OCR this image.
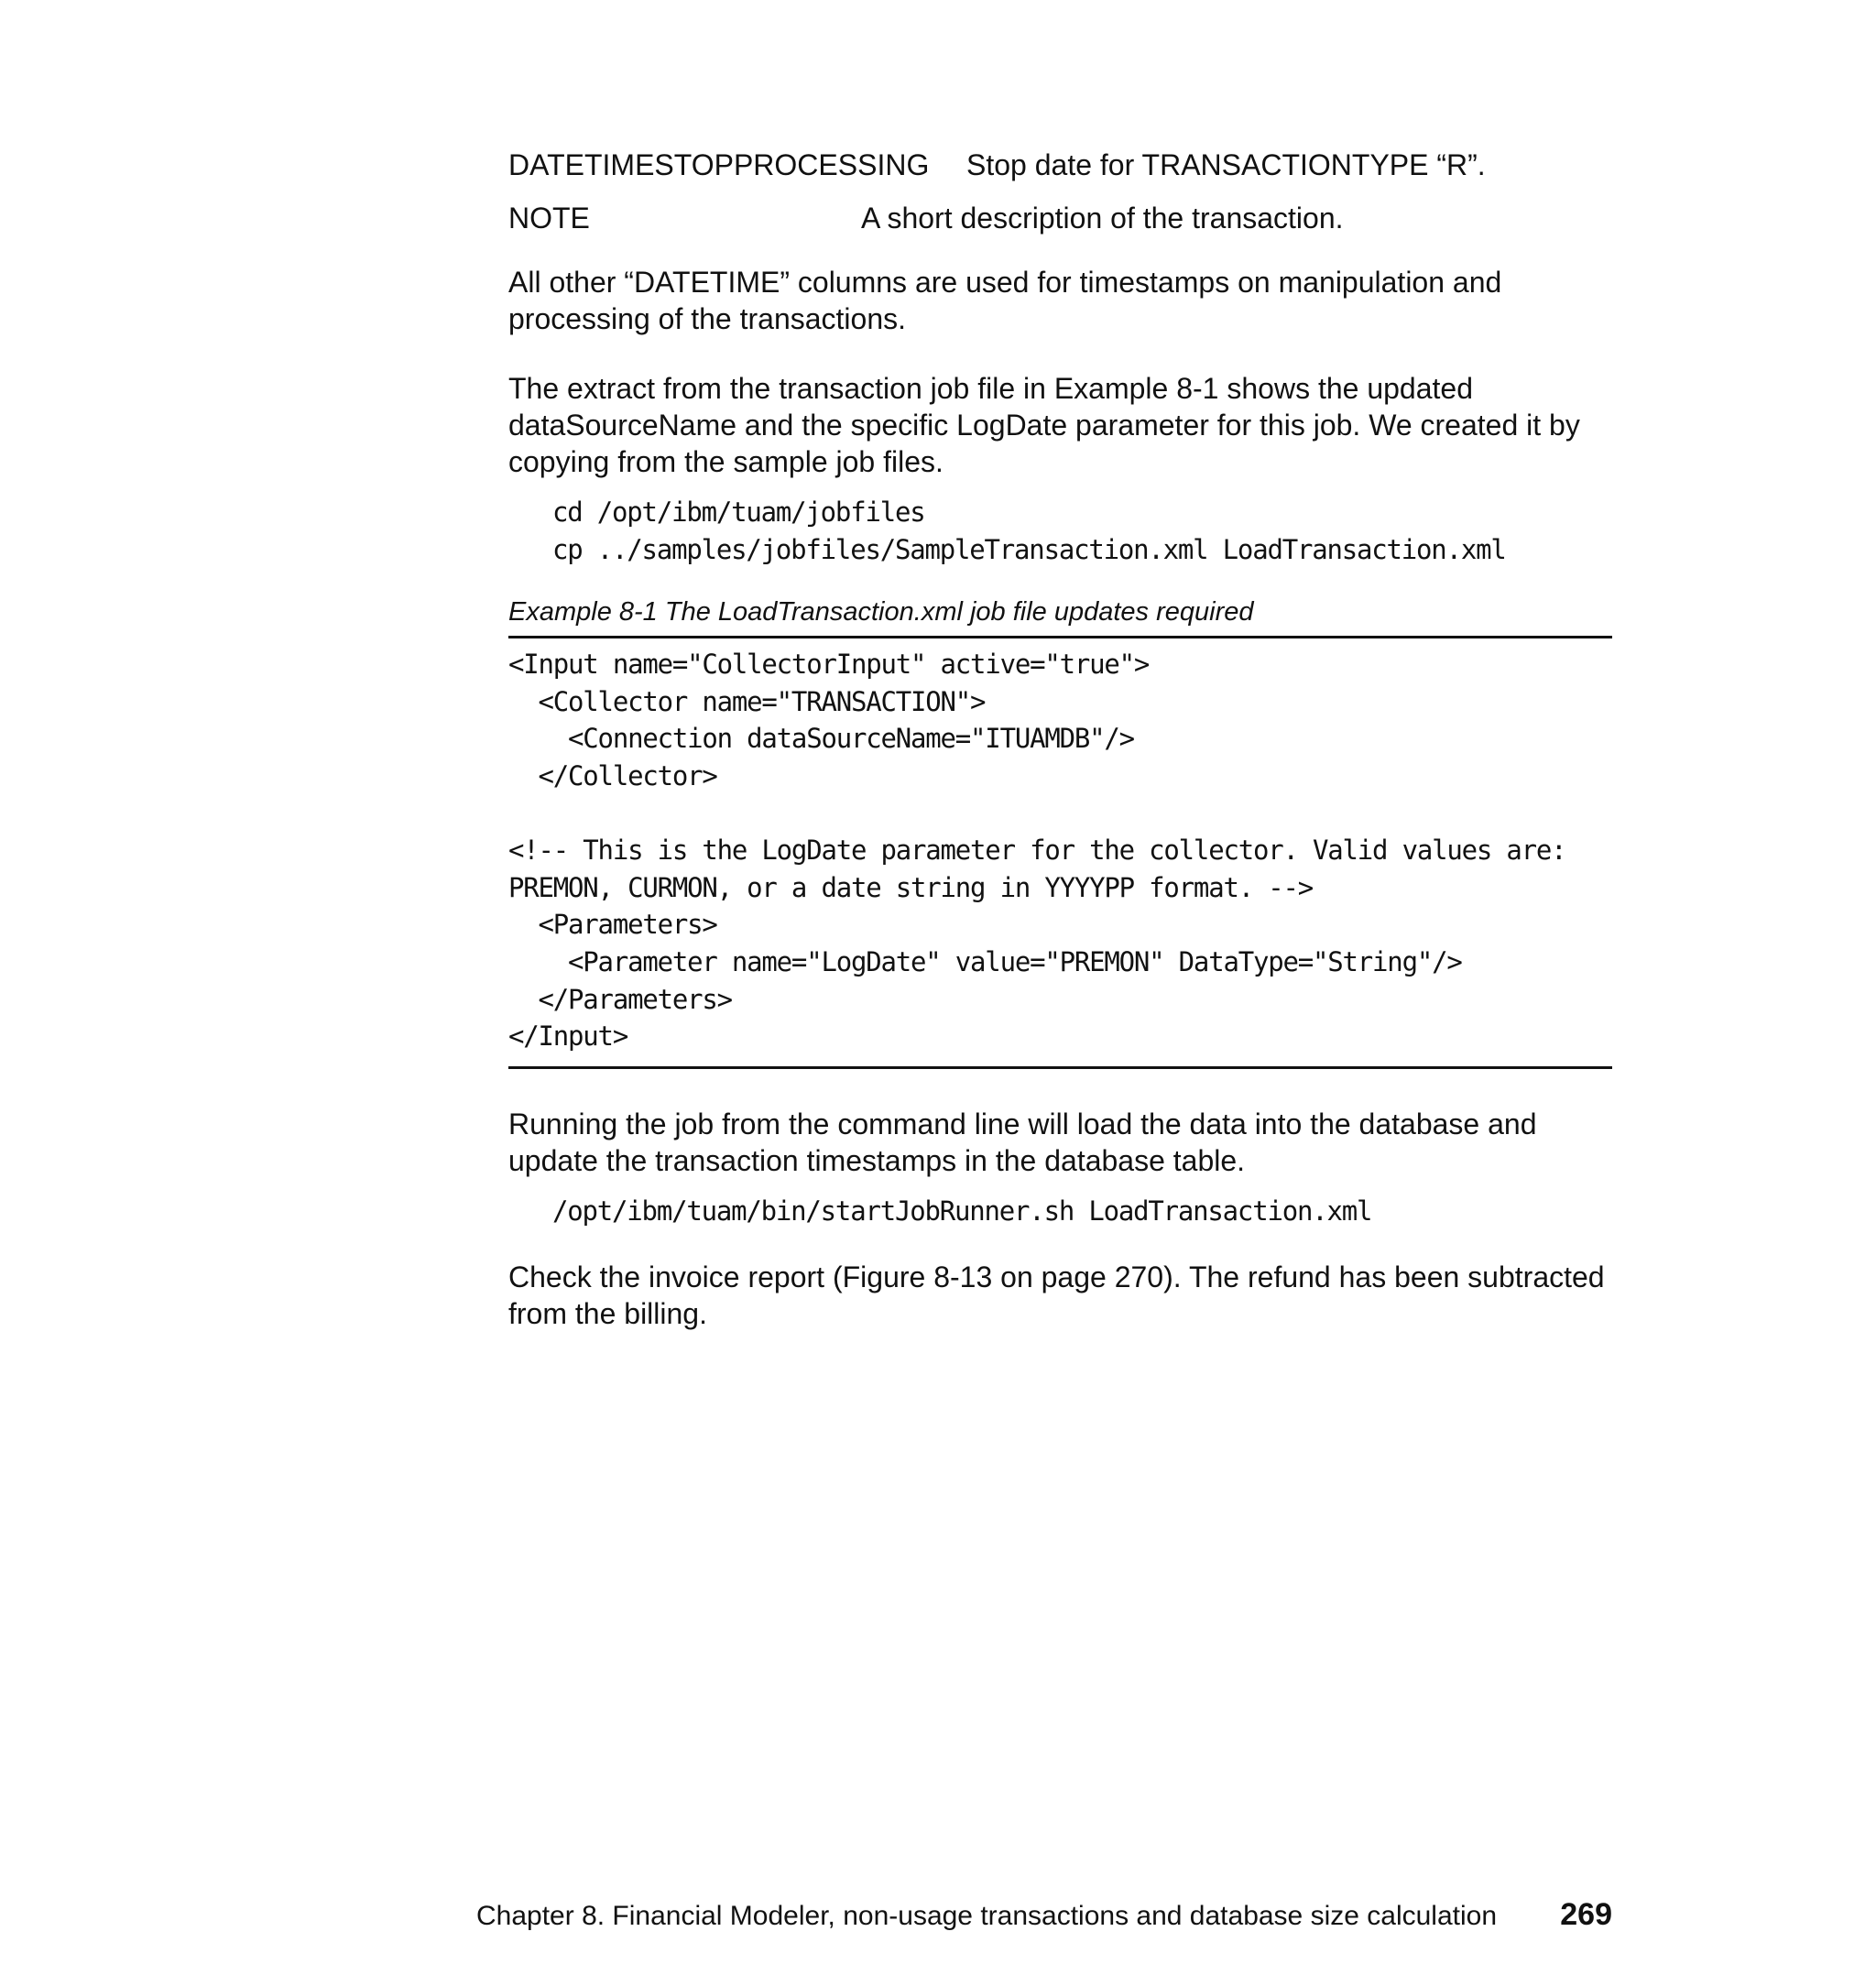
DATETIMESTOPPROCESSING Stop date for TRANSACTIONTYPE “R”.
NOTE	A short description of the transaction.

All other “DATETIME” columns are used for timestamps on manipulation and processing of the transactions.

The extract from the transaction job file in Example 8-1 shows the updated dataSourceName and the specific LogDate parameter for this job. We created it by copying from the sample job files.

cd /opt/ibm/tuam/jobfiles
cp ../samples/jobfiles/SampleTransaction.xml LoadTransaction.xml

Example 8-1 The LoadTransaction.xml job file updates required

<Input name="CollectorInput" active="true">
<Collector name="TRANSACTION">
<Connection dataSourceName="ITUAMDB"/>
</Collector>

<!-- This is the LogDate parameter for the collector. Valid values are:
PREMON, CURMON, or a date string in YYYYPP format. -->
<Parameters>
<Parameter name="LogDate" value="PREMON" DataType="String"/>
</Parameters>
</Input>

Running the job from the command line will load the data into the database and update the transaction timestamps in the database table.

/opt/ibm/tuam/bin/startJobRunner.sh LoadTransaction.xml

Check the invoice report (Figure 8-13 on page 270). The refund has been subtracted from the billing.

Chapter 8. Financial Modeler, non-usage transactions and database size calculation 269
